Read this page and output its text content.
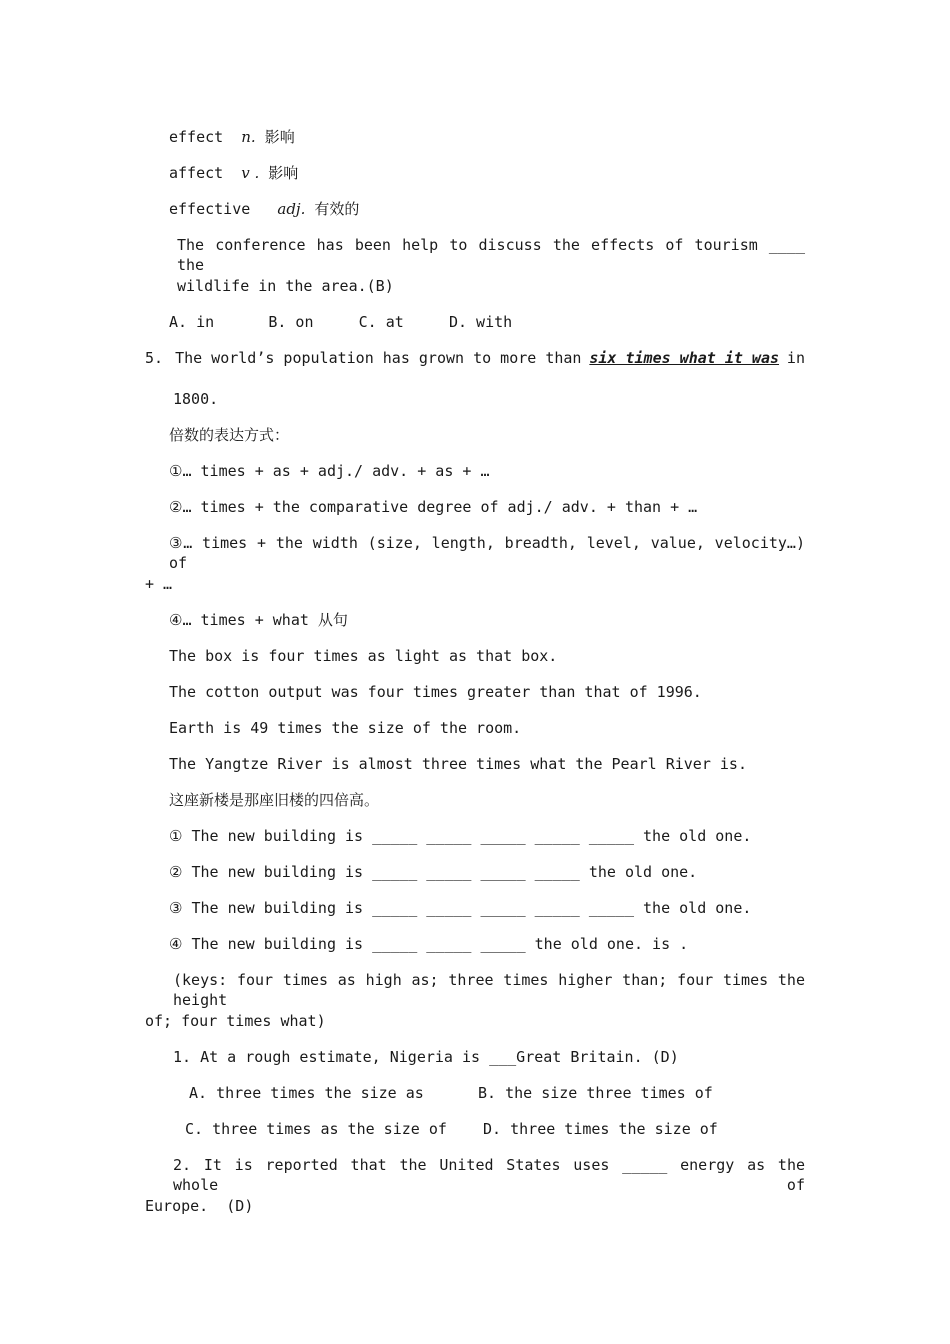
effect n. 影响
affect v . 影响
effective adj. 有效的
The conference has been help to discuss the effects of tourism ____ the
wildlife in the area.(B)
A. in      B. on     C. at     D. with
5. The world’s population has grown to more than six times what it was in
1800.
倍数的表达方式：
①… times + as + adj./ adv. + as + …
②… times + the comparative degree of adj./ adv. + than + …
③… times + the width (size, length, breadth, level, value, velocity…) of
+ …
④… times + what 从句
The box is four times as light as that box.
The cotton output was four times greater than that of 1996.
Earth is 49 times the size of the room.
The Yangtze River is almost three times what the Pearl River is.
这座新楼是那座旧楼的四倍高。
① The new building is _____ _____ _____ _____ _____ the old one.
② The new building is _____ _____ _____ _____ the old one.
③ The new building is _____ _____ _____ _____ _____ the old one.
④ The new building is _____ _____ _____ the old one. is .
(keys: four times as high as; three times higher than; four times the height
of; four times what)
1. At a rough estimate, Nigeria is ___Great Britain. (D)
A. three times the size as      B. the size three times of
C. three times as the size of    D. three times the size of
2. It is reported that the United States uses _____ energy as the whole of
Europe.  (D)
